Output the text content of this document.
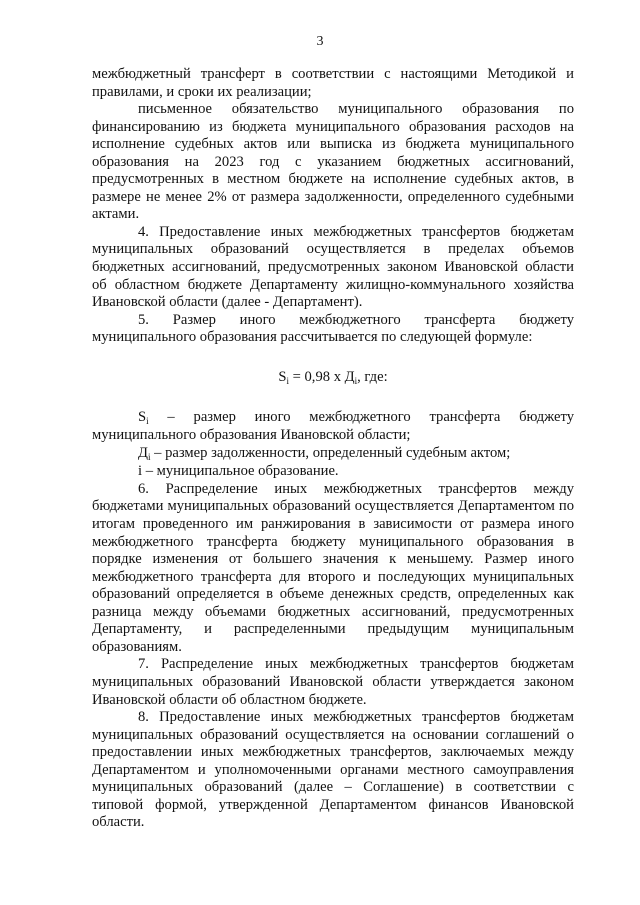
3

межбюджетный трансферт в соответствии с настоящими Методикой и правилами, и сроки их реализации;

письменное обязательство муниципального образования по финансированию из бюджета муниципального образования расходов на исполнение судебных актов или выписка из бюджета муниципального образования на 2023 год с указанием бюджетных ассигнований, предусмотренных в местном бюджете на исполнение судебных актов, в размере не менее 2% от размера задолженности, определенного судебными актами.

4. Предоставление иных межбюджетных трансфертов бюджетам муниципальных образований осуществляется в пределах объемов бюджетных ассигнований, предусмотренных законом Ивановской области об областном бюджете Департаменту жилищно-коммунального хозяйства Ивановской области (далее - Департамент).

5. Размер иного межбюджетного трансферта бюджету муниципального образования рассчитывается по следующей формуле:

$S_i = 0,98$ х $Д_i$, где:

$S_i$ – размер иного межбюджетного трансферта бюджету муниципального образования Ивановской области;

$Д_i$ – размер задолженности, определенный судебным актом;

i – муниципальное образование.

6. Распределение иных межбюджетных трансфертов между бюджетами муниципальных образований осуществляется Департаментом по итогам проведенного им ранжирования в зависимости от размера иного межбюджетного трансферта бюджету муниципального образования в порядке изменения от большего значения к меньшему. Размер иного межбюджетного трансферта для второго и последующих муниципальных образований определяется в объеме денежных средств, определенных как разница между объемами бюджетных ассигнований, предусмотренных Департаменту, и распределенными предыдущим муниципальным образованиям.

7. Распределение иных межбюджетных трансфертов бюджетам муниципальных образований Ивановской области утверждается законом Ивановской области об областном бюджете.

8. Предоставление иных межбюджетных трансфертов бюджетам муниципальных образований осуществляется на основании соглашений о предоставлении иных межбюджетных трансфертов, заключаемых между Департаментом и уполномоченными органами местного самоуправления муниципальных образований (далее – Соглашение) в соответствии с типовой формой, утвержденной Департаментом финансов Ивановской области.
